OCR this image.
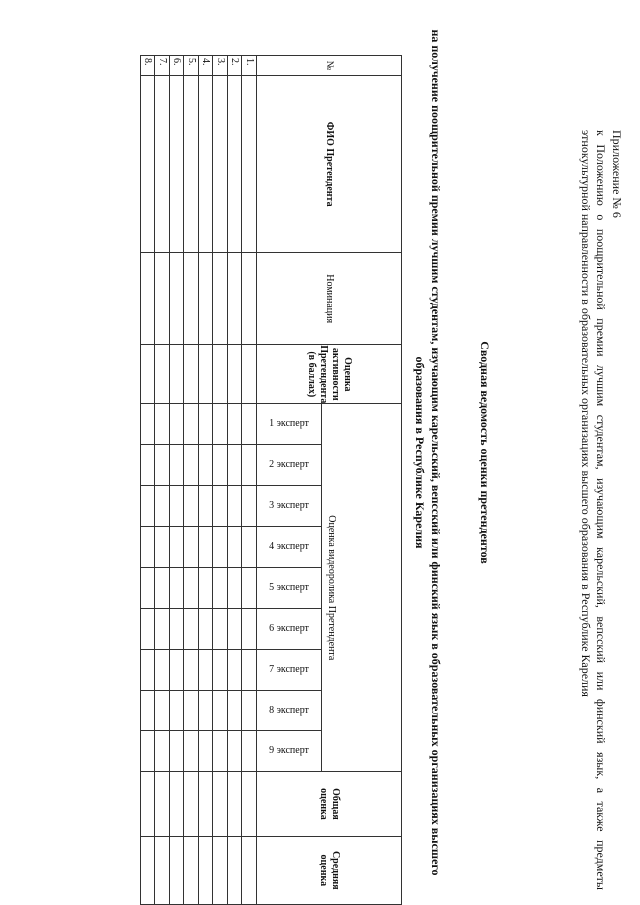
Приложение № 6
к Положению о поощрительной премии лучшим студентам, изучающим карельский, вепсский или финский язык, а также предметы этнокультурной направленности в образовательных организациях высшего образования в Республике Карелия
Сводная ведомость оценки претендентов
на получение поощрительной премии лучшим студентам, изучающим карельский, вепсский или финский язык в образовательных организациях высшего образования в Республике Карелия
№	ФИО Претендента	Номинация	Оценка активности Претендента (в баллах)	Оценка видеоролика Претендента									Общая оценка	Средняя оценка
				1 эксперт	2 эксперт	3 эксперт	4 эксперт	5 эксперт	6 эксперт	7 эксперт	8 эксперт	9 эксперт		
1.														
2.														
3.														
4.														
5.														
6.														
7.														
8.														
